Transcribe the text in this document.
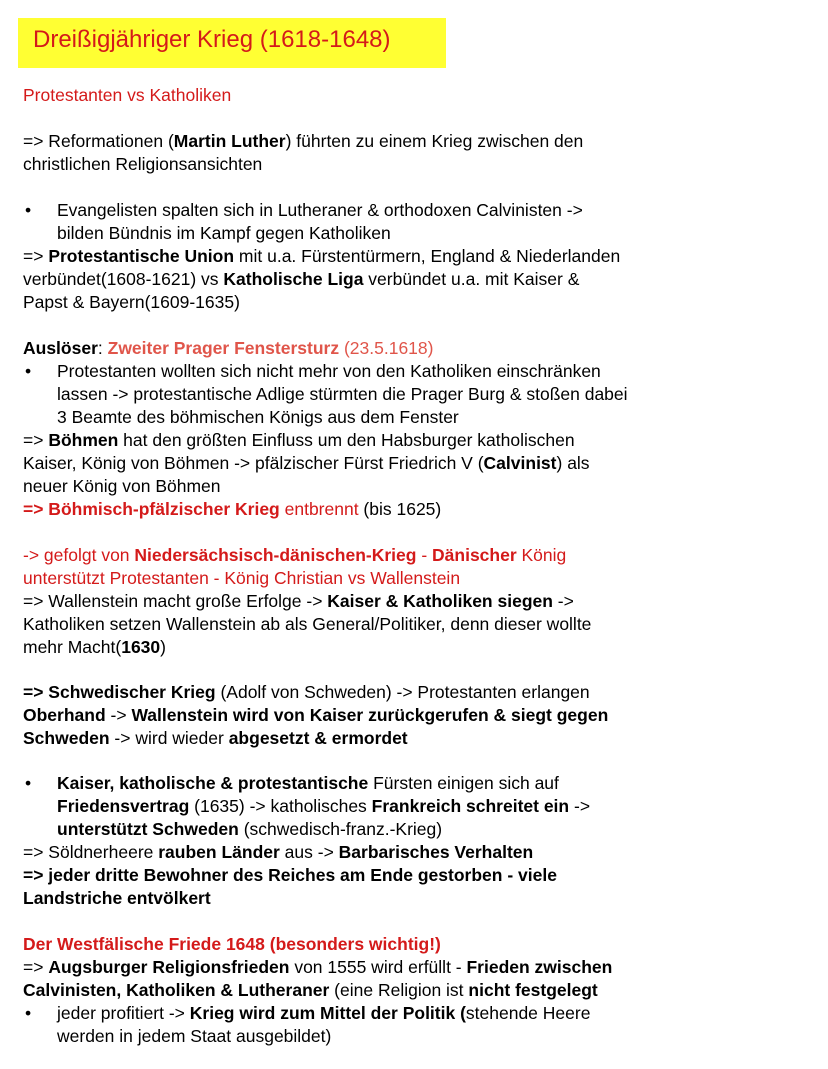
Dreißigjähriger Krieg (1618-1648)
Protestanten vs Katholiken
=> Reformationen (Martin Luther) führten zu einem Krieg zwischen den
christlichen Religionsansichten
• Evangelisten spalten sich in Lutheraner & orthodoxen Calvinisten ->
bilden Bündnis im Kampf gegen Katholiken
=> Protestantische Union mit u.a. Fürstentürmern, England & Niederlanden
verbündet(1608-1621) vs Katholische Liga verbündet u.a. mit Kaiser &
Papst & Bayern(1609-1635)
Auslöser: Zweiter Prager Fenstersturz (23.5.1618)
• Protestanten wollten sich nicht mehr von den Katholiken einschränken
lassen -> protestantische Adlige stürmten die Prager Burg & stoßen dabei
3 Beamte des böhmischen Königs aus dem Fenster
=> Böhmen hat den größten Einfluss um den Habsburger katholischen
Kaiser, König von Böhmen -> pfälzischer Fürst Friedrich V (Calvinist) als
neuer König von Böhmen
=> Böhmisch-pfälzischer Krieg entbrennt (bis 1625)
-> gefolgt von Niedersächsisch-dänischen-Krieg - Dänischer König
unterstützt Protestanten - König Christian vs Wallenstein
=> Wallenstein macht große Erfolge -> Kaiser & Katholiken siegen ->
Katholiken setzen Wallenstein ab als General/Politiker, denn dieser wollte
mehr Macht(1630)
=> Schwedischer Krieg (Adolf von Schweden) -> Protestanten erlangen
Oberhand -> Wallenstein wird von Kaiser zurückgerufen & siegt gegen
Schweden -> wird wieder abgesetzt & ermordet
• Kaiser, katholische & protestantische Fürsten einigen sich auf
Friedensvertrag (1635) -> katholisches Frankreich schreitet ein ->
unterstützt Schweden (schwedisch-franz.-Krieg)
=> Söldnerheere rauben Länder aus -> Barbarisches Verhalten
=> jeder dritte Bewohner des Reiches am Ende gestorben - viele
Landstriche entvölkert
Der Westfälische Friede 1648 (besonders wichtig!)
=> Augsburger Religionsfrieden von 1555 wird erfüllt - Frieden zwischen
Calvinisten, Katholiken & Lutheraner (eine Religion ist nicht festgelegt
• jeder profitiert -> Krieg wird zum Mittel der Politik (stehende Heere
werden in jedem Staat ausgebildet)
